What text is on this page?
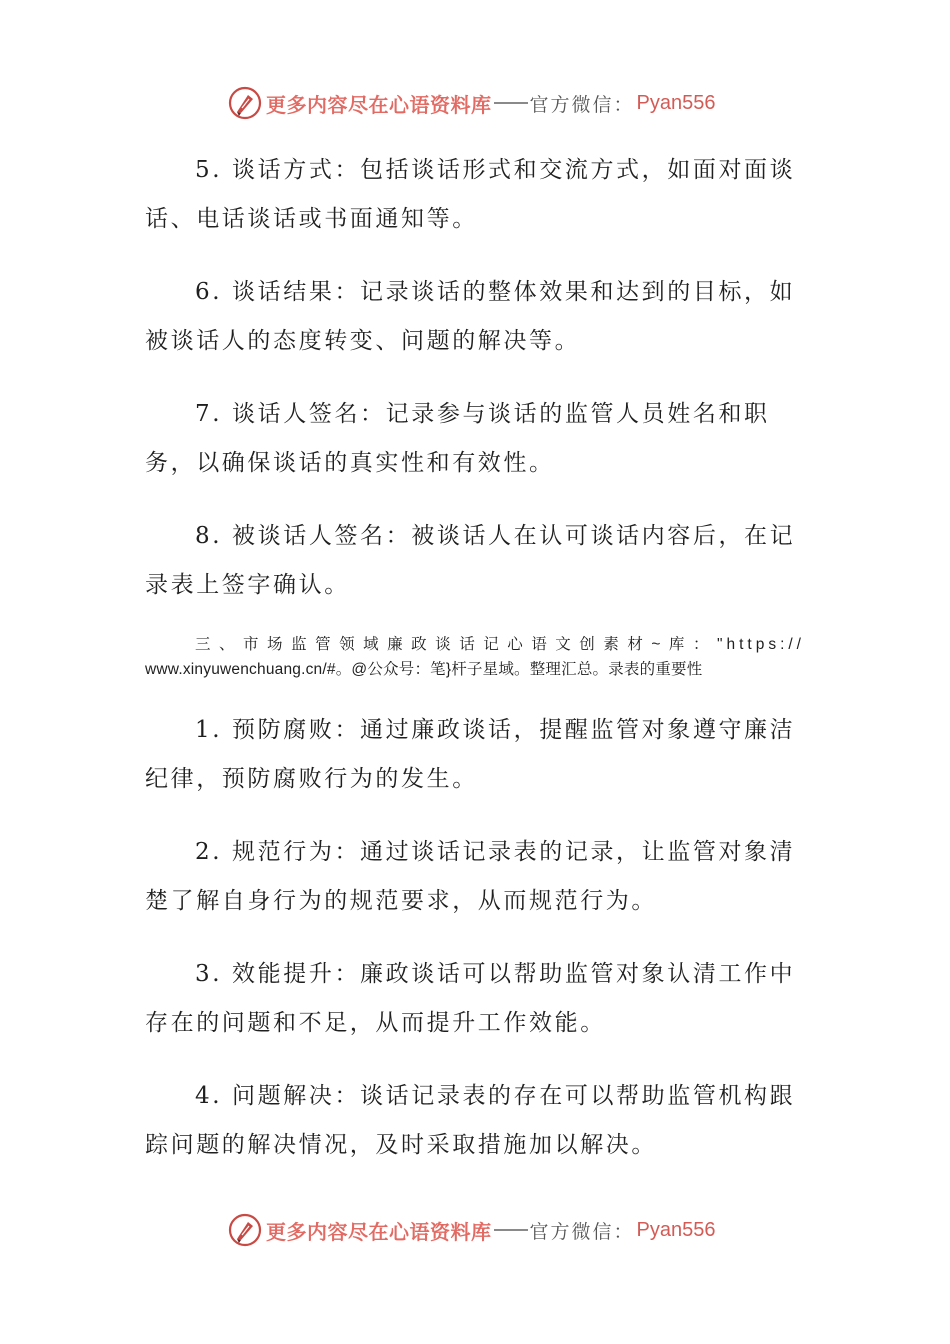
更多内容尽在心语资料库 官方微信： Pyan556

5. 谈话方式：包括谈话形式和交流方式，如面对面谈话、电话谈话或书面通知等。

6. 谈话结果：记录谈话的整体效果和达到的目标，如被谈话人的态度转变、问题的解决等。

7. 谈话人签名：记录参与谈话的监管人员姓名和职务，以确保谈话的真实性和有效性。

8. 被谈话人签名：被谈话人在认可谈话内容后，在记录表上签字确认。

三、市场监管领域廉政谈话记心语文创素材~库："https://
www.xinyuwenchuang.cn/#。@公众号：笔}杆子星域。整理汇总。录表的重要性

1. 预防腐败：通过廉政谈话，提醒监管对象遵守廉洁纪律，预防腐败行为的发生。

2. 规范行为：通过谈话记录表的记录，让监管对象清楚了解自身行为的规范要求，从而规范行为。

3. 效能提升：廉政谈话可以帮助监管对象认清工作中存在的问题和不足，从而提升工作效能。

4. 问题解决：谈话记录表的存在可以帮助监管机构跟踪问题的解决情况，及时采取措施加以解决。

更多内容尽在心语资料库 官方微信： Pyan556
